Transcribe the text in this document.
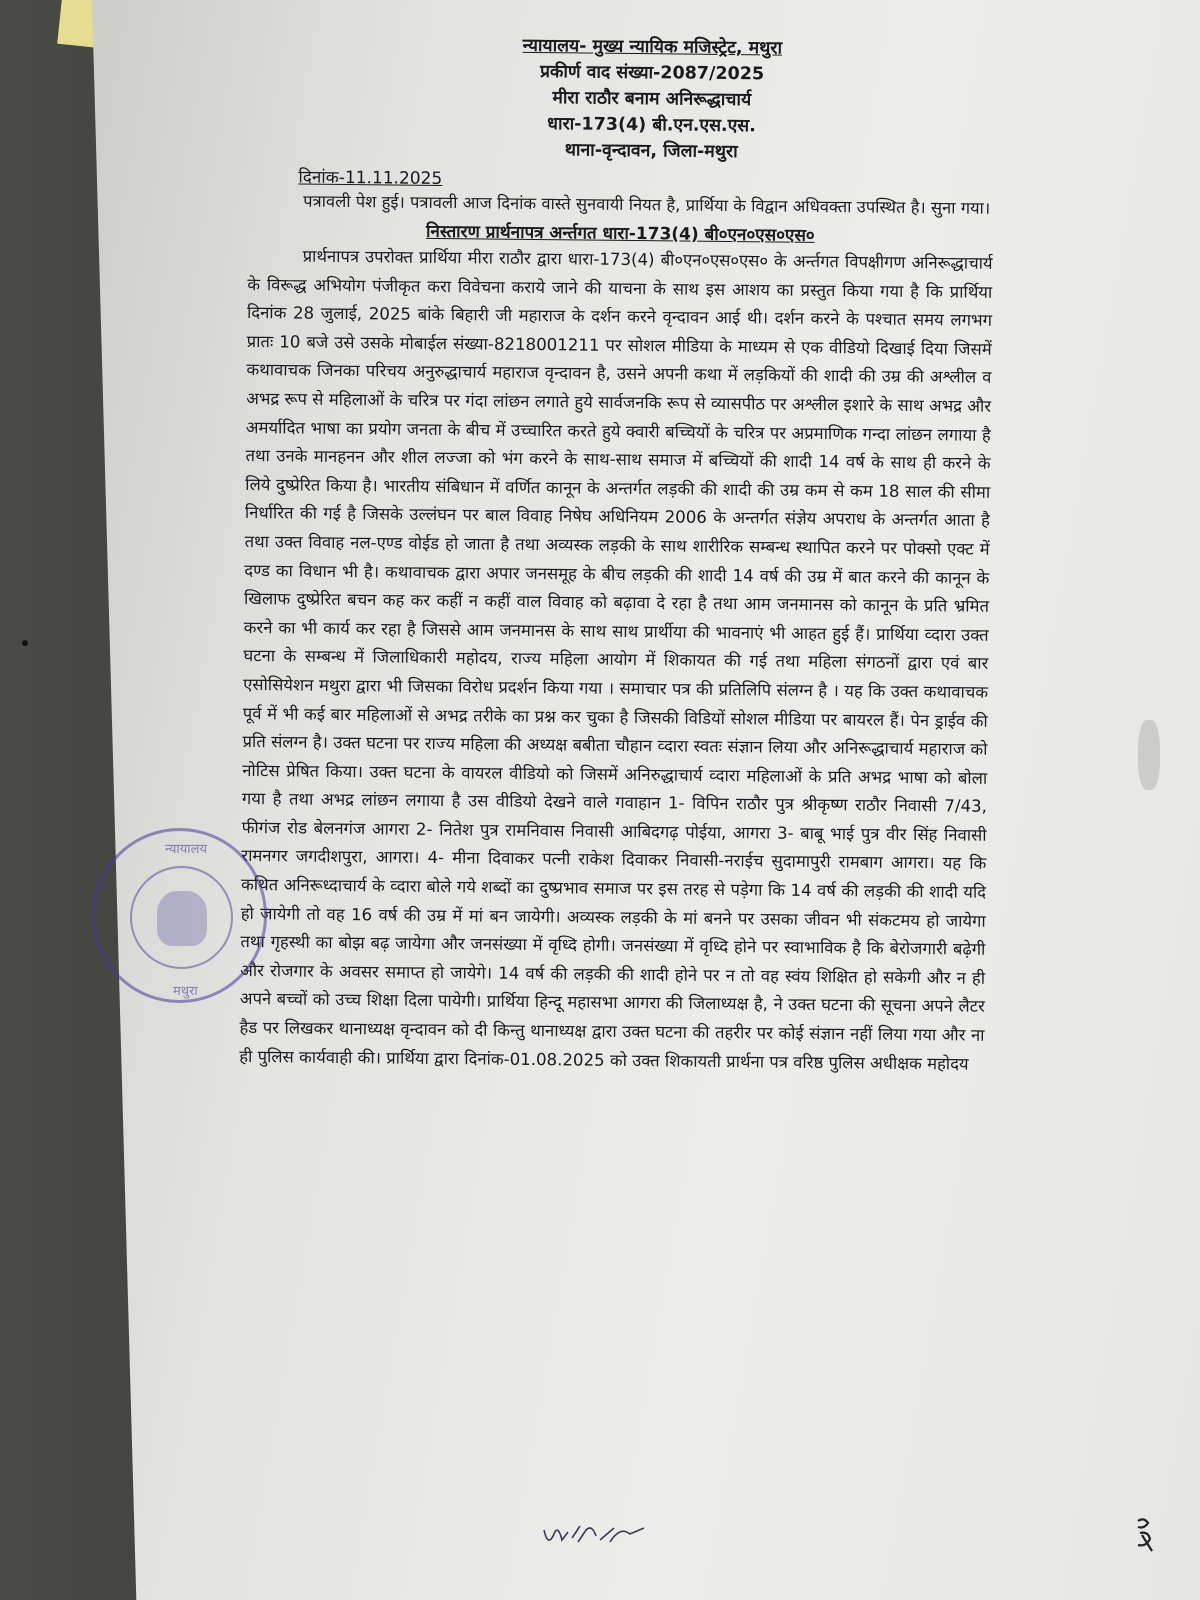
न्यायालय- मुख्य न्यायिक मजिस्ट्रेट, मथुरा
प्रकीर्ण वाद संख्या-2087/2025
मीरा राठौर बनाम अनिरूद्धाचार्य
धारा-173(4) बी.एन.एस.एस.
थाना-वृन्दावन, जिला-मथुरा
दिनांक-11.11.2025
पत्रावली पेश हुई। पत्रावली आज दिनांक वास्ते सुनवायी नियत है, प्रार्थिया के विद्वान अधिवक्ता उपस्थित है। सुना गया।
निस्तारण प्रार्थनापत्र अर्न्तगत धारा-173(4) बी०एन०एस०एस०
प्रार्थनापत्र उपरोक्त प्रार्थिया मीरा राठौर द्वारा धारा-173(4) बी०एन०एस०एस० के अर्न्तगत विपक्षीगण अनिरूद्धाचार्य के विरूद्ध अभियोग पंजीकृत करा विवेचना कराये जाने की याचना के साथ इस आशय का प्रस्तुत किया गया है कि प्रार्थिया दिनांक 28 जुलाई, 2025 बांके बिहारी जी महाराज के दर्शन करने वृन्दावन आई थी। दर्शन करने के पश्चात समय लगभग प्रातः 10 बजे उसे उसके मोबाईल संख्या-8218001211 पर सोशल मीडिया के माध्यम से एक वीडियो दिखाई दिया जिसमें कथावाचक जिनका परिचय अनुरुद्धाचार्य महाराज वृन्दावन है, उसने अपनी कथा में लड़कियों की शादी की उम्र की अश्लील व अभद्र रूप से महिलाओं के चरित्र पर गंदा लांछन लगाते हुये सार्वजनकि रूप से व्यासपीठ पर अश्लील इशारे के साथ अभद्र और अमर्यादित भाषा का प्रयोग जनता के बीच में उच्चारित करते हुये क्वारी बच्चियों के चरित्र पर अप्रमाणिक गन्दा लांछन लगाया है तथा उनके मानहनन और शील लज्जा को भंग करने के साथ-साथ समाज में बच्चियों की शादी 14 वर्ष के साथ ही करने के लिये दुष्प्रेरित किया है। भारतीय संबिधान में वर्णित कानून के अन्तर्गत लड़की की शादी की उम्र कम से कम 18 साल की सीमा निर्धारित की गई है जिसके उल्लंघन पर बाल विवाह निषेघ अधिनियम 2006 के अन्तर्गत संज्ञेय अपराध के अन्तर्गत आता है तथा उक्त विवाह नल-एण्ड वोईड हो जाता है तथा अव्यस्क लड़की के साथ शारीरिक सम्बन्ध स्थापित करने पर पोक्सो एक्ट में दण्ड का विधान भी है। कथावाचक द्वारा अपार जनसमूह के बीच लड़की की शादी 14 वर्ष की उम्र में बात करने की कानून के खिलाफ दुष्प्रेरित बचन कह कर कहीं न कहीं वाल विवाह को बढ़ावा दे रहा है तथा आम जनमानस को कानून के प्रति भ्रमित करने का भी कार्य कर रहा है जिससे आम जनमानस के साथ साथ प्रार्थीया की भावनाएं भी आहत हुई हैं। प्रार्थिया व्दारा उक्त घटना के सम्बन्ध में जिलाधिकारी महोदय, राज्य महिला आयोग में शिकायत की गई तथा महिला संगठनों द्वारा एवं बार एसोसियेशन मथुरा द्वारा भी जिसका विरोध प्रदर्शन किया गया । समाचार पत्र की प्रतिलिपि संलग्न है । यह कि उक्त कथावाचक पूर्व में भी कई बार महिलाओं से अभद्र तरीके का प्रश्न कर चुका है जिसकी विडियों सोशल मीडिया पर बायरल हैं। पेन ड्राईव की प्रति संलग्न है। उक्त घटना पर राज्य महिला की अध्यक्ष बबीता चौहान व्दारा स्वतः संज्ञान लिया और अनिरूद्धाचार्य महाराज को नोटिस प्रेषित किया। उक्त घटना के वायरल वीडियो को जिसमें अनिरुद्धाचार्य व्दारा महिलाओं के प्रति अभद्र भाषा को बोला गया है तथा अभद्र लांछन लगाया है उस वीडियो देखने वाले गवाहान 1- विपिन राठौर पुत्र श्रीकृष्ण राठौर निवासी 7/43, फीगंज रोड बेलनगंज आगरा 2- नितेश पुत्र रामनिवास निवासी आबिदगढ़ पोईया, आगरा 3- बाबू भाई पुत्र वीर सिंह निवासी रामनगर जगदीशपुरा, आगरा। 4- मीना दिवाकर पत्नी राकेश दिवाकर निवासी-नराईच सुदामापुरी रामबाग आगरा। यह कि कथित अनिरूध्दाचार्य के व्दारा बोले गये शब्दों का दुष्प्रभाव समाज पर इस तरह से पड़ेगा कि 14 वर्ष की लड़की की शादी यदि हो जायेगी तो वह 16 वर्ष की उम्र में मां बन जायेगी। अव्यस्क लड़की के मां बनने पर उसका जीवन भी संकटमय हो जायेगा तथा गृहस्थी का बोझ बढ़ जायेगा और जनसंख्या में वृध्दि होगी। जनसंख्या में वृध्दि होने पर स्वाभाविक है कि बेरोजगारी बढ़ेगी और रोजगार के अवसर समाप्त हो जायेगे। 14 वर्ष की लड़की की शादी होने पर न तो वह स्वंय शिक्षित हो सकेगी और न ही अपने बच्चों को उच्च शिक्षा दिला पायेगी। प्रार्थिया हिन्दू महासभा आगरा की जिलाध्यक्ष है, ने उक्त घटना की सूचना अपने लैटर हैड पर लिखकर थानाध्यक्ष वृन्दावन को दी किन्तु थानाध्यक्ष द्वारा उक्त घटना की तहरीर पर कोई संज्ञान नहीं लिया गया और ना ही पुलिस कार्यवाही की। प्रार्थिया द्वारा दिनांक-01.08.2025 को उक्त शिकायती प्रार्थना पत्र वरिष्ठ पुलिस अधीक्षक महोदय
न्यायालय
मथुरा
